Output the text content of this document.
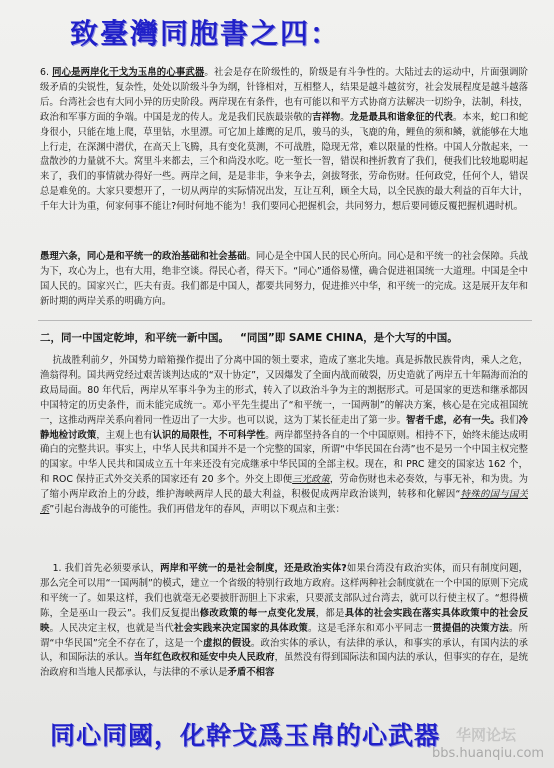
致臺灣同胞書之四：
6. 同心是两岸化干戈为玉帛的心事武器。社会是存在阶级性的，阶级是有斗争性的。大陆过去的运动中，片面强调阶级矛盾的尖锐性，复杂性，处处以阶级斗争为纲，针锋相对，互相整人，结果是越斗越贫穷，社会发展程度是越斗越落后。台湾社会也有大同小异的历史阶段。两岸现在有条件，也有可能以和平方式协商方法解决一切纷争，法制，科技，政治和军事方面的争端。中国是龙的传人。龙是我们民族最崇敬的吉祥物。龙是最具和谐象征的代表。本来，蛇口和蛇身很小，只能在地上爬，草里钻，水里漂。可它加上雄鹰的足爪，骏马的头，飞鹿的角，鲤鱼的须和鳞，就能够在大地上行走，在深渊中潜伏，在高天上飞腾，具有变化莫测，不可战胜，隐现无常，难以限量的性格。中国人分散起来，一盘散沙的力量就不大。窝里斗来都去，三个和尚没水吃。吃一堑长一智，错误和挫折教育了我们，便我们比较地聪明起来了，我们的事情就办得好一些。两岸之间，是是非非，争来争去，剑拔弩张，劳命伤财。任何政党，任何个人，错误总是难免的。大家只要想开了，一切从两岸的实际情况出发，互让互利，顾全大局，以全民族的最大利益的百年大计，千年大计为重，何家何事不能让?何时何地不能为！我们要同心把握机会，共同努力，想后要同德反覆把握机遇时机。
愚理六条，同心是和平统一的政治基础和社会基础。同心是全中国人民的民心所向。同心是和平统一的社会保障。兵战为下，攻心为上，也有大用，绝非空谈。得民心者，得天下。“同心”通俗易懂，确合促进祖国统一大道理。中国是全中国人民的。国家兴亡，匹夫有责。我们都是中国人，都要共同努力，促进推兴中华，和平统一的完成。这是展开友年和新时期的两岸关系的明确方向。
二，同一中国定乾坤，和平统一新中国。 “同国”即 SAME CHINA，是个大写的中国。
抗战胜利前夕，外国势力暗箱操作提出了分离中国的领土要求，造成了塞北失地。真是拆散民族骨肉，乘人之危，渔翁得利。国共两党经过艰苦谈判达成的“双十协定”，又因爆发了全面内战而破裂，历史造就了两岸五十年隔海而治的政局局面。80 年代后，两岸从军事斗争为主的形式，转入了以政治斗争为主的割据形式。可是国家的更迭和继承都因中国特定的历史条件，而未能完成统一。邓小平先生提出了“和平统一，一国两制”的解决方案，核心是在完成祖国统一，这推动两岸关系向着同一性迈出了一大步。也可以说，这为丁某长征走出了第一步。智者千虑，必有一失。我们冷静地检讨政策，主观上也有认识的局限性，不可科学性。两岸都坚持各自的一个中国原则。相持不下，始终未能达成明确白的完整共识。事实上，中华人民共和国并不是一个完整的国家，所谓“中华民国在台湾”也不是另一个中国主权完整的国家。中华人民共和国成立五十年来还没有完成继承中华民国的全部主权。现在，和 PRC 建交的国家达 162 个，和 ROC 保持正式外交关系的国家还有 20 多个。外交上即便三光政策，劳命伤财也未必奏效，与事无补，和为贵。为了缩小两岸政治上的分歧，维护海峡两岸人民的最大利益，积极促成两岸政治谈判，转移和化解因“特殊的国与国关系”引起台海战争的可能性。我们再借龙年的春风，声明以下观点和主张：
1. 我们首先必须要承认，两岸和平统一的是社会制度，还是政治实体?如果台湾没有政治实体，而只有制度问题，那么完全可以用“一国两制”的模式，建立一个省级的特别行政地方政府。这样两种社会制度就在一个中国的原则下完成和平统一了。如果这样，我们也就毫无必要披肝沥胆上下求索，只要派支部队过台湾去，就可以行使主权了。“想得横陈，全是巫山一段云”。我们反复提出修改政策的每一点变化发展，都是具体的社会实践在落实具体政策中的社会反映。人民决定主权，也就是当代社会实践来决定国家的具体政策。这是毛泽东和邓小平同志一贯提倡的决策方法。所谓“中华民国”完全不存在了，这是一个虚拟的假设。政治实体的承认，有法律的承认，和事实的承认，有国内法的承认，和国际法的承认。当年红色政权和延安中央人民政府，虽然没有得到国际法和国内法的承认，但事实的存在，是统治政府和当地人民都承认，与法律的不承认是矛盾不相容
同心同國，化幹戈爲玉帛的心武器	华网论坛
bbs.huanqiu.com
